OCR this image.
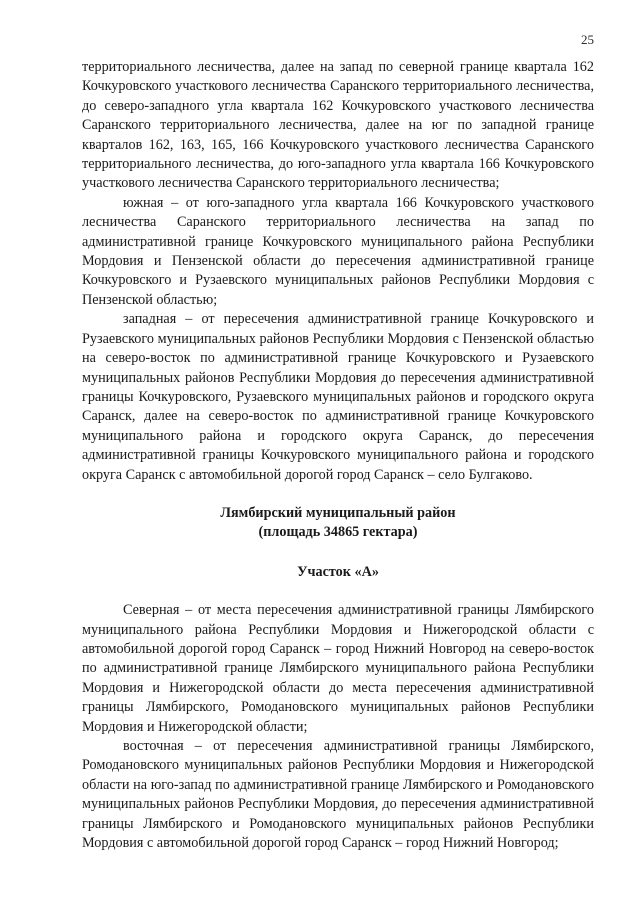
25

территориального лесничества, далее на запад по северной границе квартала 162 Кочкуровского участкового лесничества Саранского территориального лесничества, до северо-западного угла квартала 162 Кочкуровского участкового лесничества Саранского территориального лесничества, далее на юг по западной границе кварталов 162, 163, 165, 166 Кочкуровского участкового лесничества Саранского территориального лесничества, до юго-западного угла квартала 166 Кочкуровского участкового лесничества Саранского территориального лесничества;

южная – от юго-западного угла квартала 166 Кочкуровского участкового лесничества Саранского территориального лесничества на запад по административной границе Кочкуровского муниципального района Республики Мордовия и Пензенской области до пересечения административной границе Кочкуровского и Рузаевского муниципальных районов Республики Мордовия с Пензенской областью;

западная – от пересечения административной границе Кочкуровского и Рузаевского муниципальных районов Республики Мордовия с Пензенской областью на северо-восток по административной границе Кочкуровского и Рузаевского муниципальных районов Республики Мордовия до пересечения административной границы Кочкуровского, Рузаевского муниципальных районов и городского округа Саранск, далее на северо-восток по административной границе Кочкуровского муниципального района и городского округа Саранск, до пересечения административной границы Кочкуровского муниципального района и городского округа Саранск с автомобильной дорогой город Саранск – село Булгаково.

Лямбирский муниципальный район

(площадь 34865 гектара)

Участок «А»

Северная – от места пересечения административной границы Лямбирского муниципального района Республики Мордовия и Нижегородской области с автомобильной дорогой город Саранск – город Нижний Новгород на северо-восток по административной границе Лямбирского муниципального района Республики Мордовия и Нижегородской области до места пересечения административной границы Лямбирского, Ромодановского муниципальных районов Республики Мордовия и Нижегородской области;

восточная – от пересечения административной границы Лямбирского, Ромодановского муниципальных районов Республики Мордовия и Нижегородской области на юго-запад по административной границе Лямбирского и Ромодановского муниципальных районов Республики Мордовия, до пересечения административной границы Лямбирского и Ромодановского муниципальных районов Республики Мордовия с автомобильной дорогой город Саранск – город Нижний Новгород;
